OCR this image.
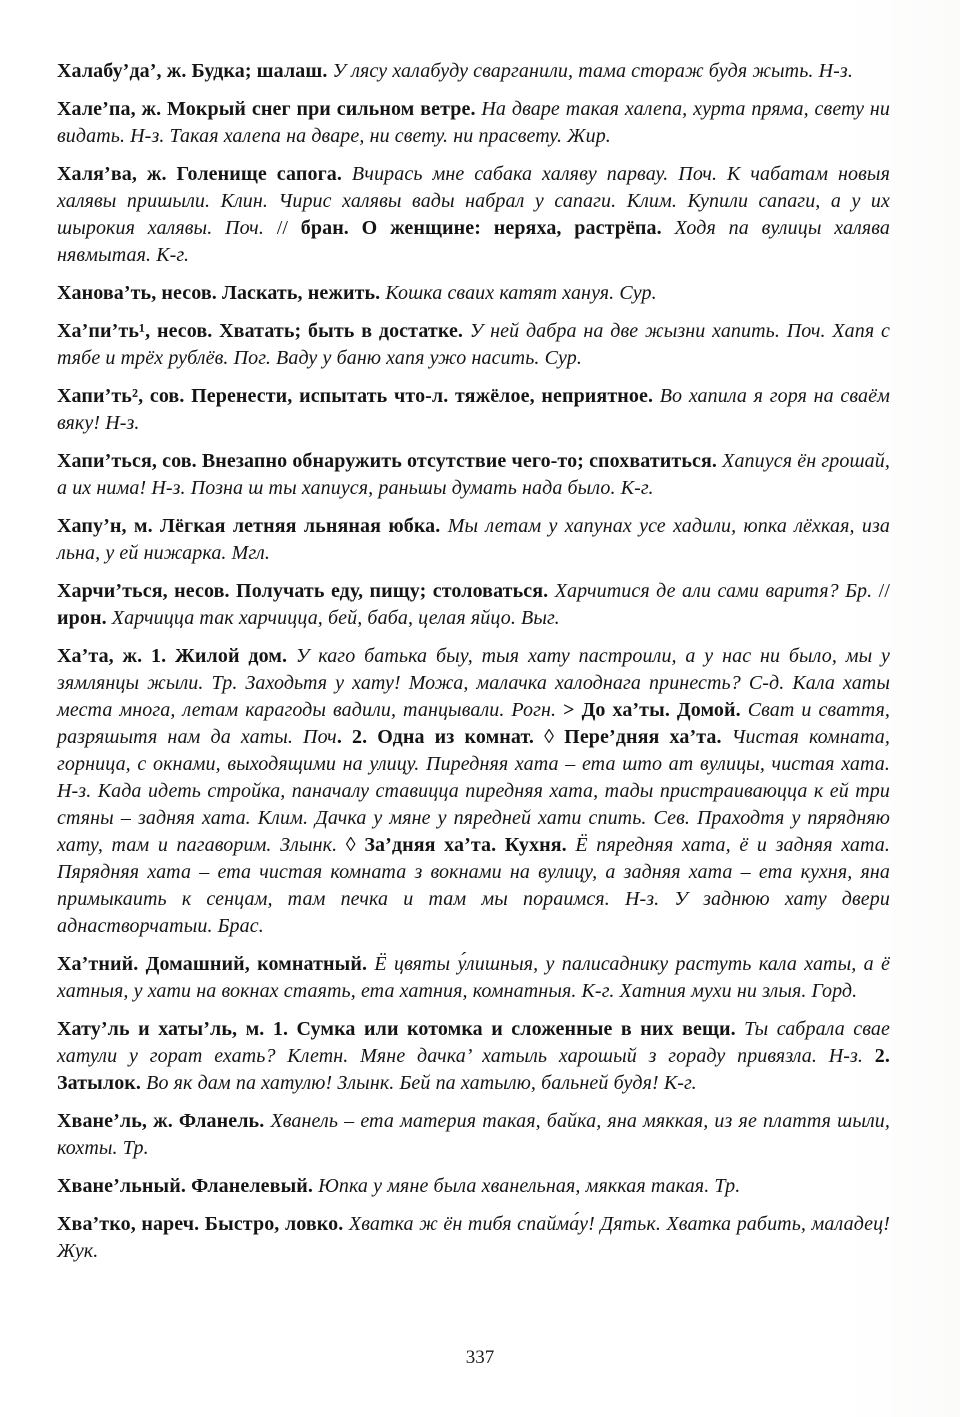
Халабу’да’, ж. Будка; шалаш. У лясу халабуду сварганили, тама стораж будя жыть. Н-з.

Хале’па, ж. Мокрый снег при сильном ветре. На дваре такая халепа, хурта пряма, свету ни видать. Н-з. Такая халепа на дваре, ни свету. ни прасвету. Жир.

Халя’ва, ж. Голенище сапога. Вчирась мне сабака халяву парвау. Поч. К чабатам новыя халявы пришыли. Клин. Чирис халявы вады набрал у сапаги. Клим. Купили сапаги, а у их шырокия халявы. Поч. // бран. О женщине: неряха, растрёпа. Ходя па вулицы халява нявмытая. К-г.

Ханова’ть, несов. Ласкать, нежить. Кошка сваих катят хануя. Сур.

Ха’пи’ть¹, несов. Хватать; быть в достатке. У ней дабра на две жызни хапить. Поч. Хапя с тябе и трёх рублёв. Пог. Ваду у баню хапя ужо насить. Сур.

Хапи’ть², сов. Перенести, испытать что-л. тяжёлое, неприятное. Во хапила я горя на сваём вяку! Н-з.

Хапи’ться, сов. Внезапно обнаружить отсутствие чего-то; спохватиться. Хапиуся ён грошай, а их нима! Н-з. Позна ш ты хапиуся, раньшы думать нада было. К-г.

Хапу’н, м. Лёгкая летняя льняная юбка. Мы летам у хапунах усе хадили, юпка лёхкая, иза льна, у ей нижарка. Мгл.

Харчи’ться, несов. Получать еду, пищу; столоваться. Харчитися де али сами варитя? Бр. // ирон. Харчицца так харчицца, бей, баба, целая яйцо. Выг.

Ха’та, ж. 1. Жилой дом. У каго батька быу, тыя хату пастроили, а у нас ни было, мы у зямлянцы жыли. Тр. Заходьтя у хату! Можа, малачка халоднага принесть? С-д. Кала хаты места многа, летам карагоды вадили, танцывали. Рогн. > До ха’ты. Домой. Сват и сваття, разряшытя нам да хаты. Поч. 2. Одна из комнат. ◊ Пере’дняя ха’та. Чистая комната, горница, с окнами, выходящими на улицу. Пиредняя хата – ета што ат вулицы, чистая хата. Н-з. Када идеть стройка, паначалу ставицца пиредняя хата, тады пристраиваюцца к ей три стяны – задняя хата. Клим. Дачка у мяне у пяредней хати спить. Сев. Праходтя у пярядняю хату, там и пагаворим. Злынк. ◊ За’дняя ха’та. Кухня. Ё пяредняя хата, ё и задняя хата. Пярядняя хата – ета чистая комната з вокнами на вулицу, а задняя хата – ета кухня, яна примыкаить к сенцам, там печка и там мы пораимся. Н-з. У заднюю хату двери аднастворчатыи. Брас.

Ха’тний. Домашний, комнатный. Ё цвяты у́лишныя, у палисаднику растуть кала хаты, а ё хатныя, у хати на вокнах стаять, ета хатния, комнатныя. К-г. Хатния мухи ни злыя. Горд.

Хату’ль и хаты’ль, м. 1. Сумка или котомка и сложенные в них вещи. Ты сабрала свае хатули у горат ехать? Клетн. Мяне дачка’ хатыль харошый з гораду привязла. Н-з. 2. Затылок. Во як дам па хатулю! Злынк. Бей па хатылю, бальней будя! К-г.

Хване’ль, ж. Фланель. Хванель – ета материя такая, байка, яна мяккая, из яе плаття шыли, кохты. Тр.

Хване’льный. Фланелевый. Юпка у мяне была хванельная, мяккая такая. Тр.

Хва’тко, нареч. Быстро, ловко. Хватка ж ён тибя спайма́у! Дятьк. Хватка рабить, маладец! Жук.

337
